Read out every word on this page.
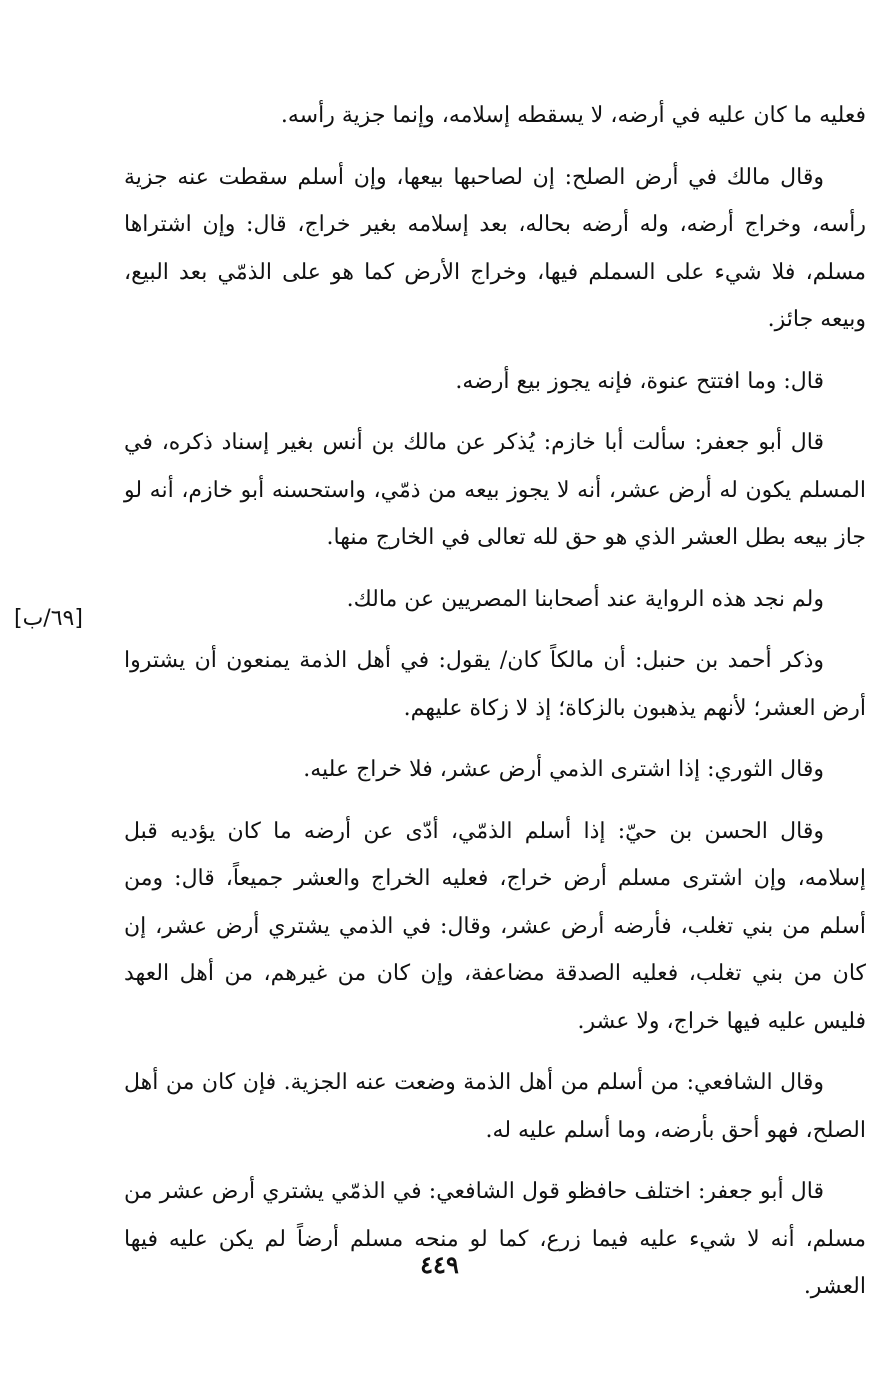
[٦٩/ب]

فعليه ما كان عليه في أرضه، لا يسقطه إسلامه، وإنما جزية رأسه.

وقال مالك في أرض الصلح: إن لصاحبها بيعها، وإن أسلم سقطت عنه جزية رأسه، وخراج أرضه، وله أرضه بحاله، بعد إسلامه بغير خراج، قال: وإن اشتراها مسلم، فلا شيء على السملم فيها، وخراج الأرض كما هو على الذمّي بعد البيع، وبيعه جائز.

قال: وما افتتح عنوة، فإنه يجوز بيع أرضه.

قال أبو جعفر: سألت أبا خازم: يُذكر عن مالك بن أنس بغير إسناد ذكره، في المسلم يكون له أرض عشر، أنه لا يجوز بيعه من ذمّي، واستحسنه أبو خازم، أنه لو جاز بيعه بطل العشر الذي هو حق لله تعالى في الخارج منها.

ولم نجد هذه الرواية عند أصحابنا المصريين عن مالك.

وذكر أحمد بن حنبل: أن مالكاً كان/ يقول: في أهل الذمة يمنعون أن يشتروا أرض العشر؛ لأنهم يذهبون بالزكاة؛ إذ لا زكاة عليهم.

وقال الثوري: إذا اشترى الذمي أرض عشر، فلا خراج عليه.

وقال الحسن بن حيّ: إذا أسلم الذمّي، أدّى عن أرضه ما كان يؤديه قبل إسلامه، وإن اشترى مسلم أرض خراج، فعليه الخراج والعشر جميعاً، قال: ومن أسلم من بني تغلب، فأرضه أرض عشر، وقال: في الذمي يشتري أرض عشر، إن كان من بني تغلب، فعليه الصدقة مضاعفة، وإن كان من غيرهم، من أهل العهد فليس عليه فيها خراج، ولا عشر.

وقال الشافعي: من أسلم من أهل الذمة وضعت عنه الجزية. فإن كان من أهل الصلح، فهو أحق بأرضه، وما أسلم عليه له.

قال أبو جعفر: اختلف حافظو قول الشافعي: في الذمّي يشتري أرض عشر من مسلم، أنه لا شيء عليه فيما زرع، كما لو منحه مسلم أرضاً لم يكن عليه فيها العشر.

٤٤٩
